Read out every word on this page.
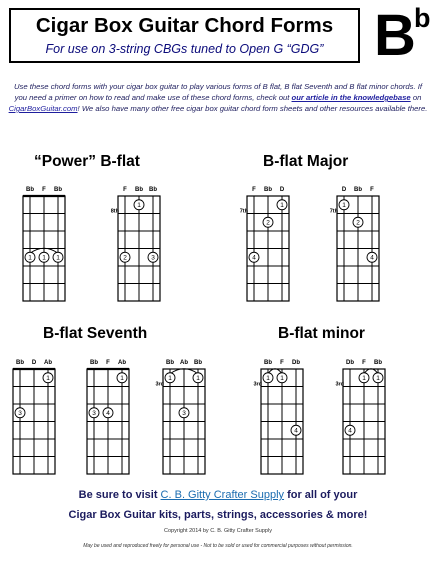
Cigar Box Guitar Chord Forms
For use on 3-string CBGs tuned to Open G “GDG” B
b
Use these chord forms with your cigar box guitar to play various forms of B flat, B flat Seventh and B flat minor chords. If you need a primer on how to read and make use of these chord forms, check out our article in the knowledgebase on CigarBoxGuitar.com! We also have many other free cigar box guitar chord form sheets and other resources available there.
“Power” B-flat	B-flat Major
B-flat Seventh	B-flat minor
Bb F Bb
1 1 1
F Bb Bb
8th
1
2	3
F Bb D
7th
1
2
4
D Bb F
7th
1
2
4
Bb D Ab
1
3
Bb F Ab
1
3 4
Bb Ab Bb
3rd
1	1
3
Bb F Db
3rd
1 1
4
Db F Bb
3rd
1 1
4
Be sure to visit C. B. Gitty Crafter Supply for all of your
Cigar Box Guitar kits, parts, strings, accessories & more!
Copyright 2014 by C. B. Gitty Crafter Supply
May be used and reproduced freely for personal use - Not to be sold or used for commercial purposes without permission.
